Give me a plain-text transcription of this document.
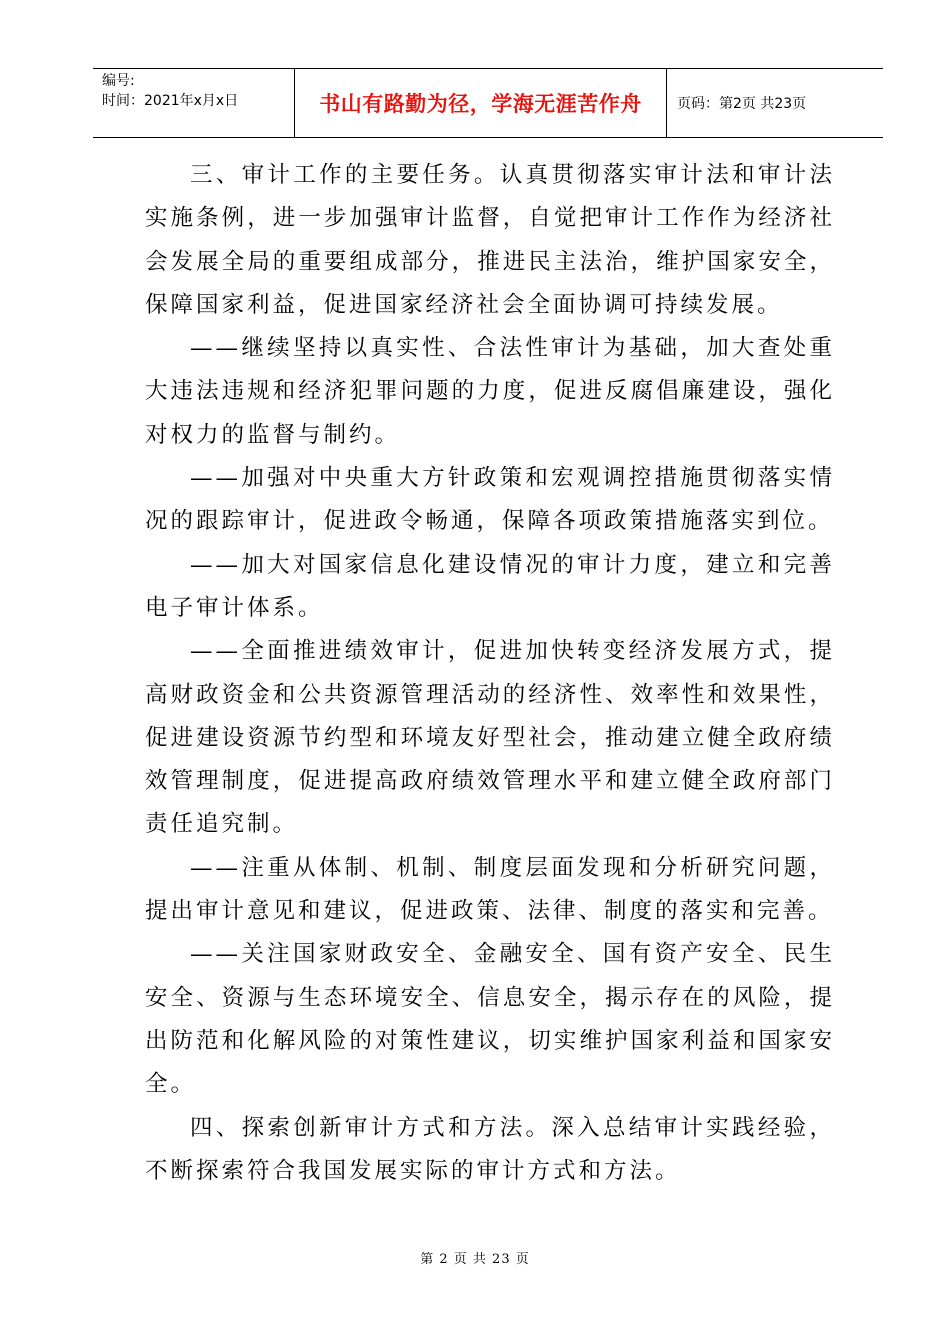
编号:
时间：2021年x月x日	书山有路勤为径，学海无涯苦作舟	页码：第2页 共23页

三、审计工作的主要任务。认真贯彻落实审计法和审计法实施条例，进一步加强审计监督，自觉把审计工作作为经济社会发展全局的重要组成部分，推进民主法治，维护国家安全，保障国家利益，促进国家经济社会全面协调可持续发展。

——继续坚持以真实性、合法性审计为基础，加大查处重大违法违规和经济犯罪问题的力度，促进反腐倡廉建设，强化对权力的监督与制约。

——加强对中央重大方针政策和宏观调控措施贯彻落实情况的跟踪审计，促进政令畅通，保障各项政策措施落实到位。

——加大对国家信息化建设情况的审计力度，建立和完善电子审计体系。

——全面推进绩效审计，促进加快转变经济发展方式，提高财政资金和公共资源管理活动的经济性、效率性和效果性，促进建设资源节约型和环境友好型社会，推动建立健全政府绩效管理制度，促进提高政府绩效管理水平和建立健全政府部门责任追究制。

——注重从体制、机制、制度层面发现和分析研究问题，提出审计意见和建议，促进政策、法律、制度的落实和完善。

——关注国家财政安全、金融安全、国有资产安全、民生安全、资源与生态环境安全、信息安全，揭示存在的风险，提出防范和化解风险的对策性建议，切实维护国家利益和国家安全。

四、探索创新审计方式和方法。深入总结审计实践经验，不断探索符合我国发展实际的审计方式和方法。

第 2 页 共 23 页
